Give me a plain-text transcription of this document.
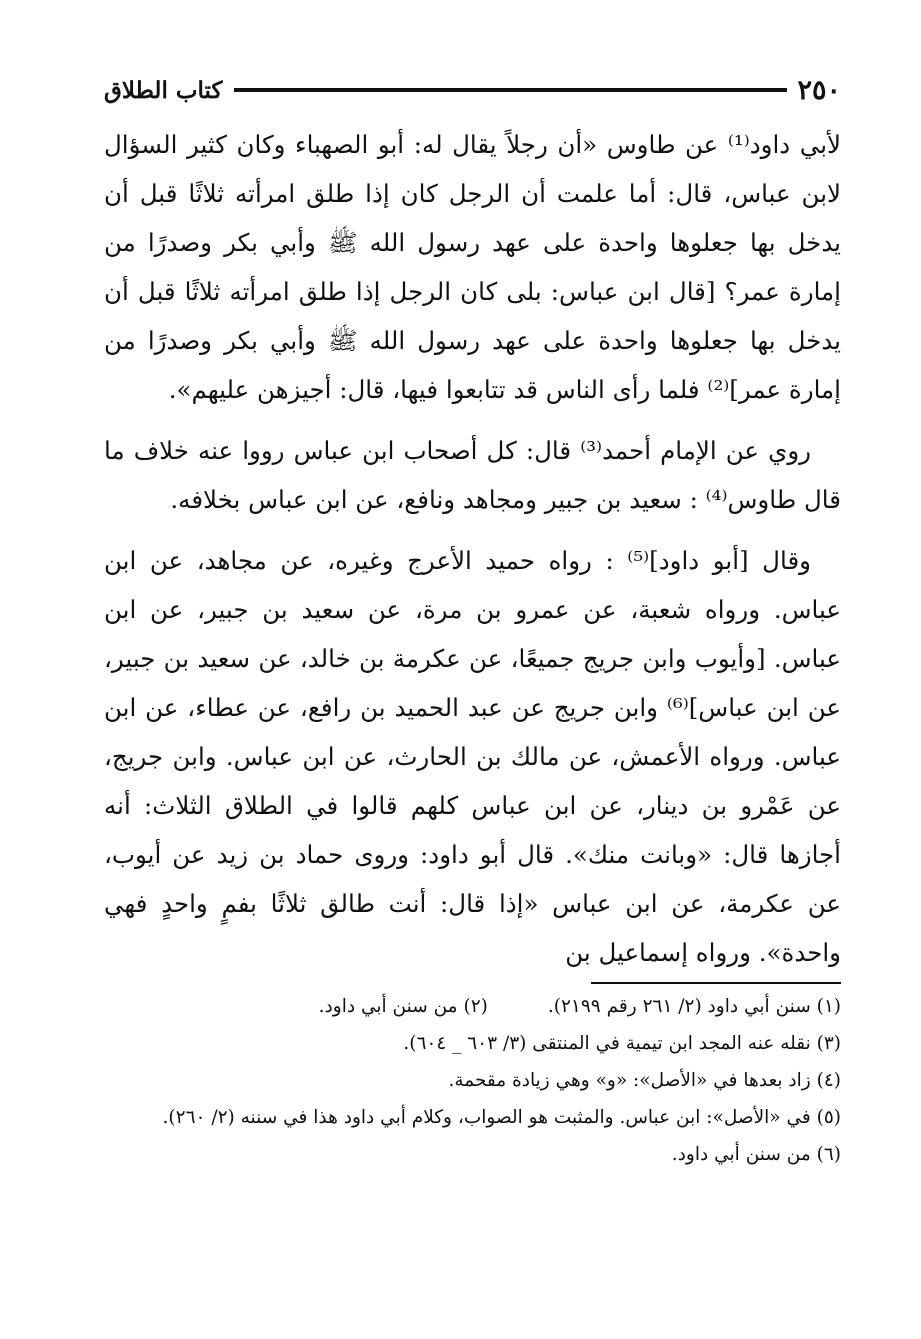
٢٥٠
كتاب الطلاق

لأبي داود⁽¹⁾ عن طاوس «أن رجلاً يقال له: أبو الصهباء وكان كثير السؤال لابن عباس، قال: أما علمت أن الرجل كان إذا طلق امرأته ثلاثًا قبل أن يدخل بها جعلوها واحدة على عهد رسول الله ﷺ وأبي بكر وصدرًا من إمارة عمر؟ [قال ابن عباس: بلى كان الرجل إذا طلق امرأته ثلاثًا قبل أن يدخل بها جعلوها واحدة على عهد رسول الله ﷺ وأبي بكر وصدرًا من إمارة عمر]⁽²⁾ فلما رأى الناس قد تتابعوا فيها، قال: أجيزهن عليهم».

روي عن الإمام أحمد⁽³⁾ قال: كل أصحاب ابن عباس رووا عنه خلاف ما قال طاوس⁽⁴⁾ : سعيد بن جبير ومجاهد ونافع، عن ابن عباس بخلافه.

وقال [أبو داود]⁽⁵⁾ : رواه حميد الأعرج وغيره، عن مجاهد، عن ابن عباس. ورواه شعبة، عن عمرو بن مرة، عن سعيد بن جبير، عن ابن عباس. [وأيوب وابن جريج جميعًا، عن عكرمة بن خالد، عن سعيد بن جبير، عن ابن عباس]⁽⁶⁾ وابن جريج عن عبد الحميد بن رافع، عن عطاء، عن ابن عباس. ورواه الأعمش، عن مالك بن الحارث، عن ابن عباس. وابن جريج، عن عَمْرو بن دينار، عن ابن عباس كلهم قالوا في الطلاق الثلاث: أنه أجازها قال: «وبانت منك». قال أبو داود: وروى حماد بن زيد عن أيوب، عن عكرمة، عن ابن عباس «إذا قال: أنت طالق ثلاثًا بفمٍ واحدٍ فهي واحدة». ورواه إسماعيل بن

(١) سنن أبي داود (٢/ ٢٦١ رقم ٢١٩٩).
(٢) من سنن أبي داود.

(٣) نقله عنه المجد ابن تيمية في المنتقى (٣/ ٦٠٣ _ ٦٠٤).

(٤) زاد بعدها في «الأصل»: «و» وهي زيادة مقحمة.

(٥) في «الأصل»: ابن عباس. والمثبت هو الصواب، وكلام أبي داود هذا في سننه (٢/ ٢٦٠).

(٦) من سنن أبي داود.
